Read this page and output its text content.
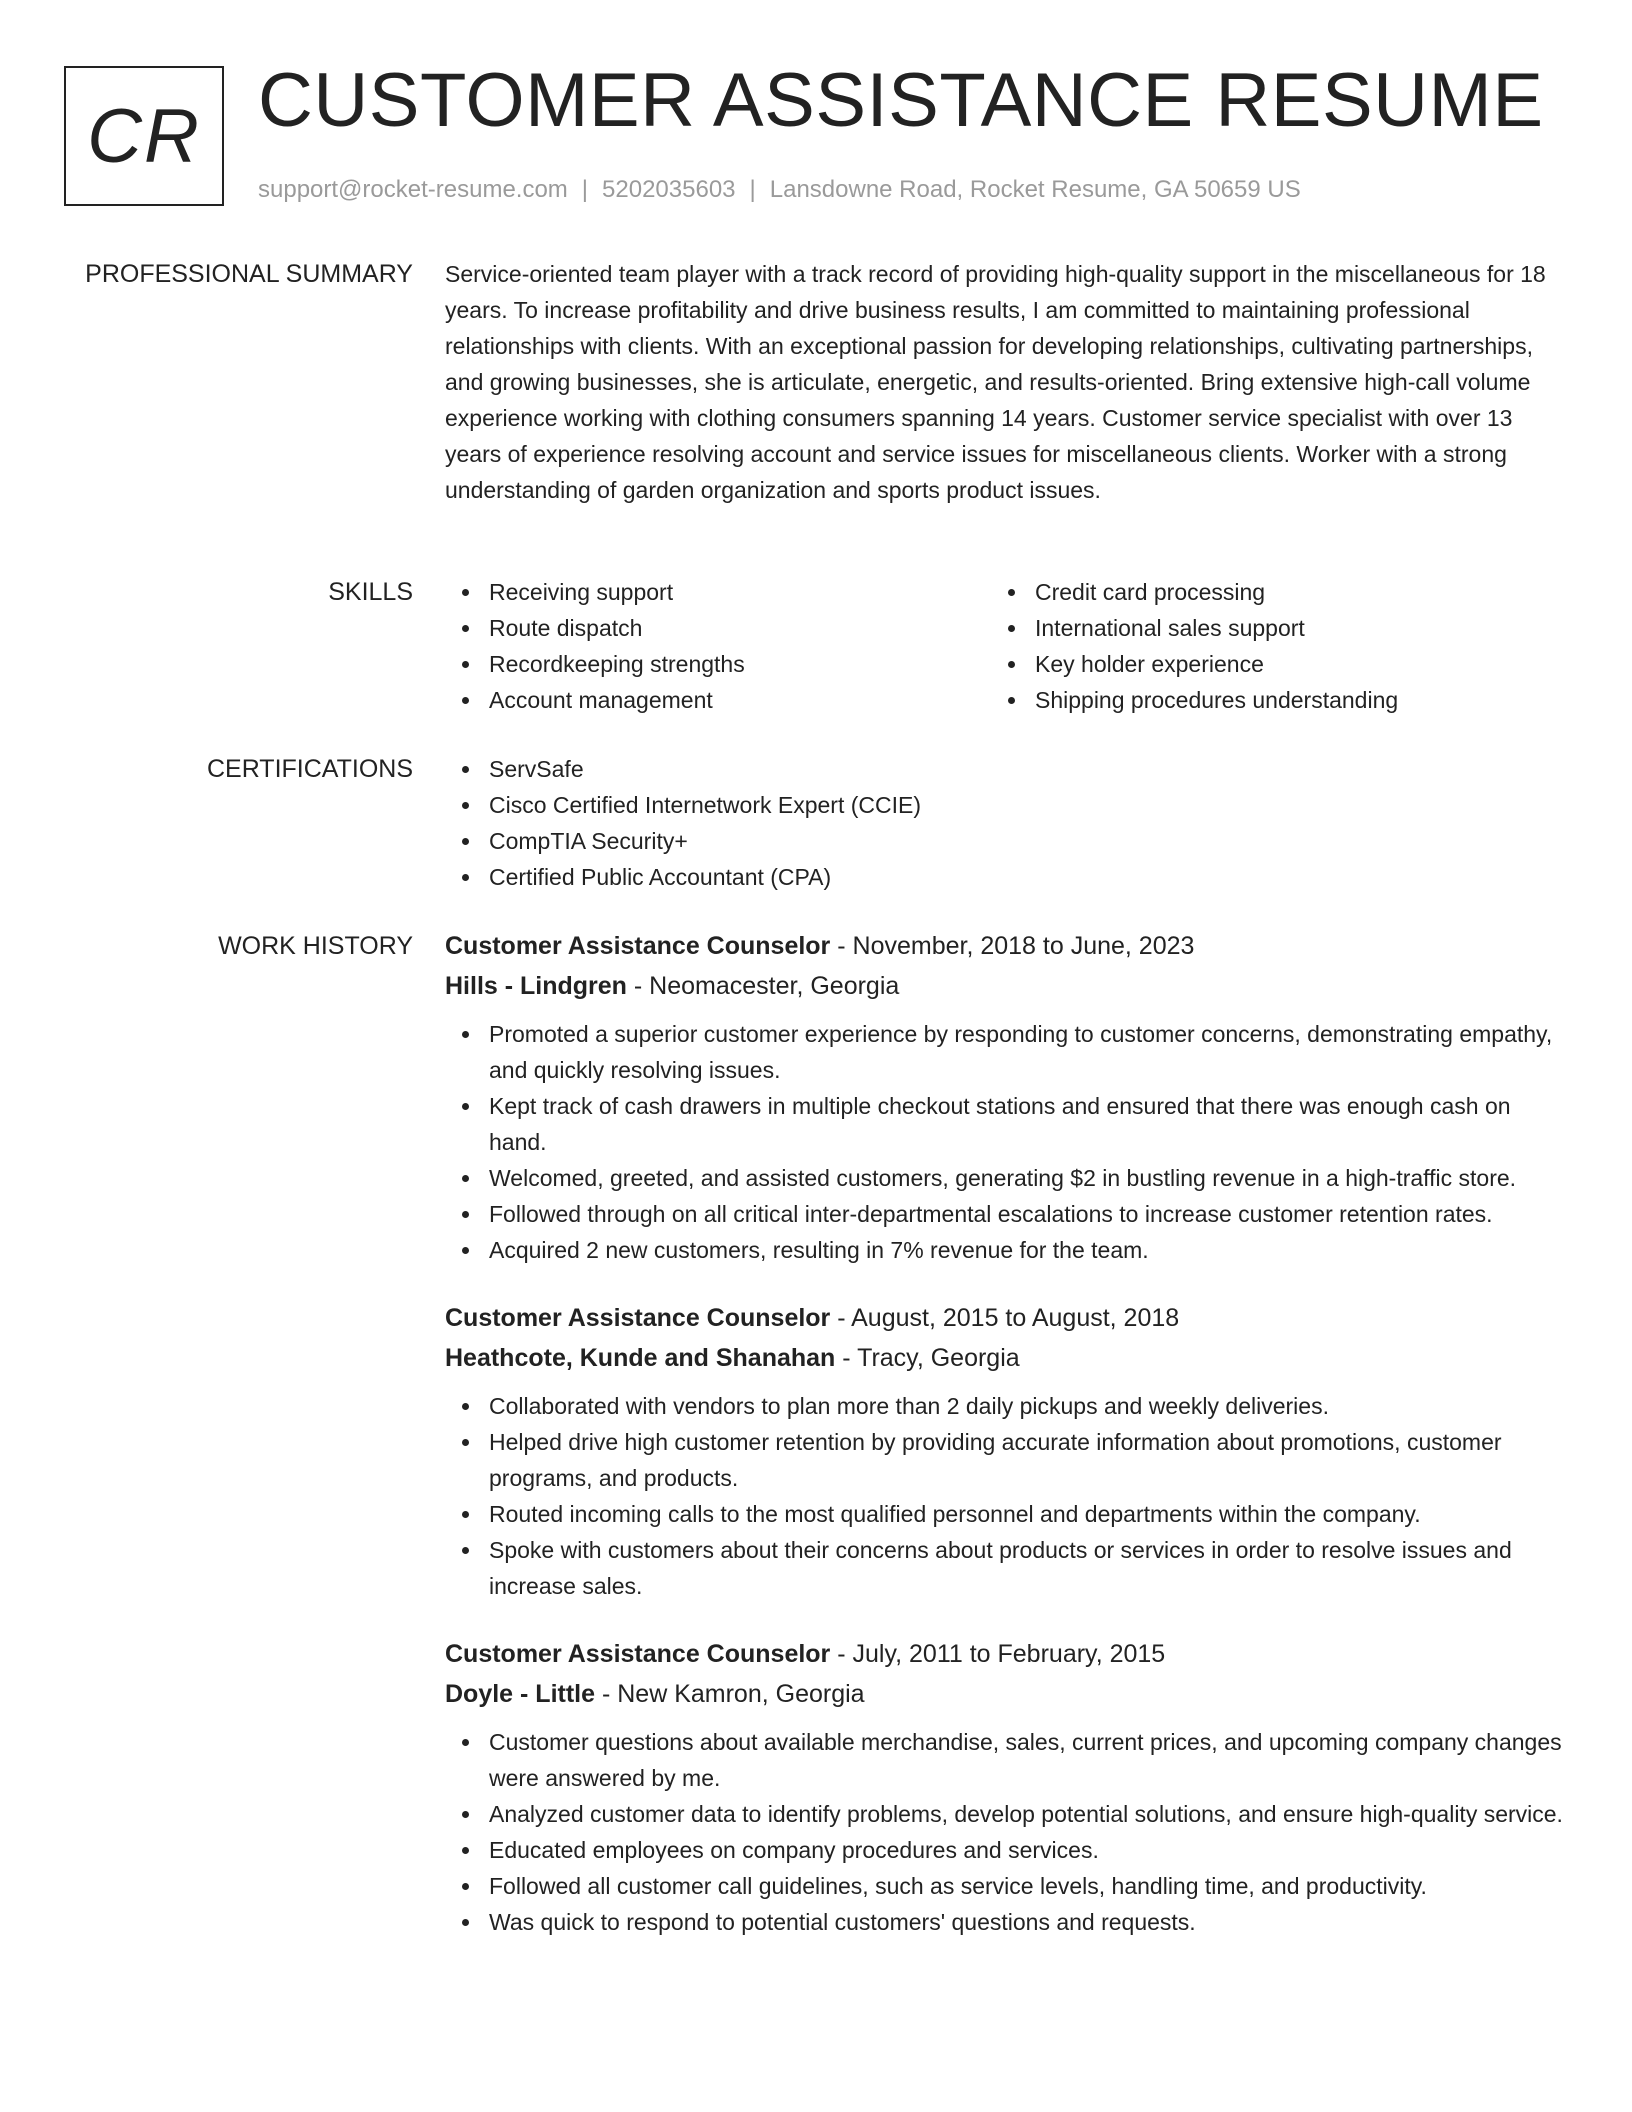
CR CUSTOMER ASSISTANCE RESUME
support@rocket-resume.com | 5202035603 | Lansdowne Road, Rocket Resume, GA 50659 US
PROFESSIONAL SUMMARY Service-oriented team player with a track record of providing high-quality support in the miscellaneous for 18 years. To increase profitability and drive business results, I am committed to maintaining professional relationships with clients. With an exceptional passion for developing relationships, cultivating partnerships, and growing businesses, she is articulate, energetic, and results-oriented. Bring extensive high-call volume experience working with clothing consumers spanning 14 years. Customer service specialist with over 13 years of experience resolving account and service issues for miscellaneous clients. Worker with a strong understanding of garden organization and sports product issues.

SKILLS	Receiving support
Route dispatch
Recordkeeping strengths
Account management
Credit card processing
International sales support
Key holder experience
Shipping procedures understanding
CERTIFICATIONS	ServSafe
Cisco Certified Internetwork Expert (CCIE)
CompTIA Security+
Certified Public Accountant (CPA)
WORK HISTORY Customer Assistance Counselor - November, 2018 to June, 2023
Hills - Lindgren - Neomacester, Georgia
Promoted a superior customer experience by responding to customer concerns, demonstrating empathy, and quickly resolving issues.
Kept track of cash drawers in multiple checkout stations and ensured that there was enough cash on hand.
Welcomed, greeted, and assisted customers, generating $2 in bustling revenue in a high-traffic store.
Followed through on all critical inter-departmental escalations to increase customer retention rates.
Acquired 2 new customers, resulting in 7% revenue for the team.
Customer Assistance Counselor - August, 2015 to August, 2018
Heathcote, Kunde and Shanahan - Tracy, Georgia
Collaborated with vendors to plan more than 2 daily pickups and weekly deliveries.
Helped drive high customer retention by providing accurate information about promotions, customer programs, and products.
Routed incoming calls to the most qualified personnel and departments within the company.
Spoke with customers about their concerns about products or services in order to resolve issues and increase sales.
Customer Assistance Counselor - July, 2011 to February, 2015
Doyle - Little - New Kamron, Georgia
Customer questions about available merchandise, sales, current prices, and upcoming company changes were answered by me.
Analyzed customer data to identify problems, develop potential solutions, and ensure high-quality service.
Educated employees on company procedures and services.
Followed all customer call guidelines, such as service levels, handling time, and productivity.
Was quick to respond to potential customers' questions and requests.
